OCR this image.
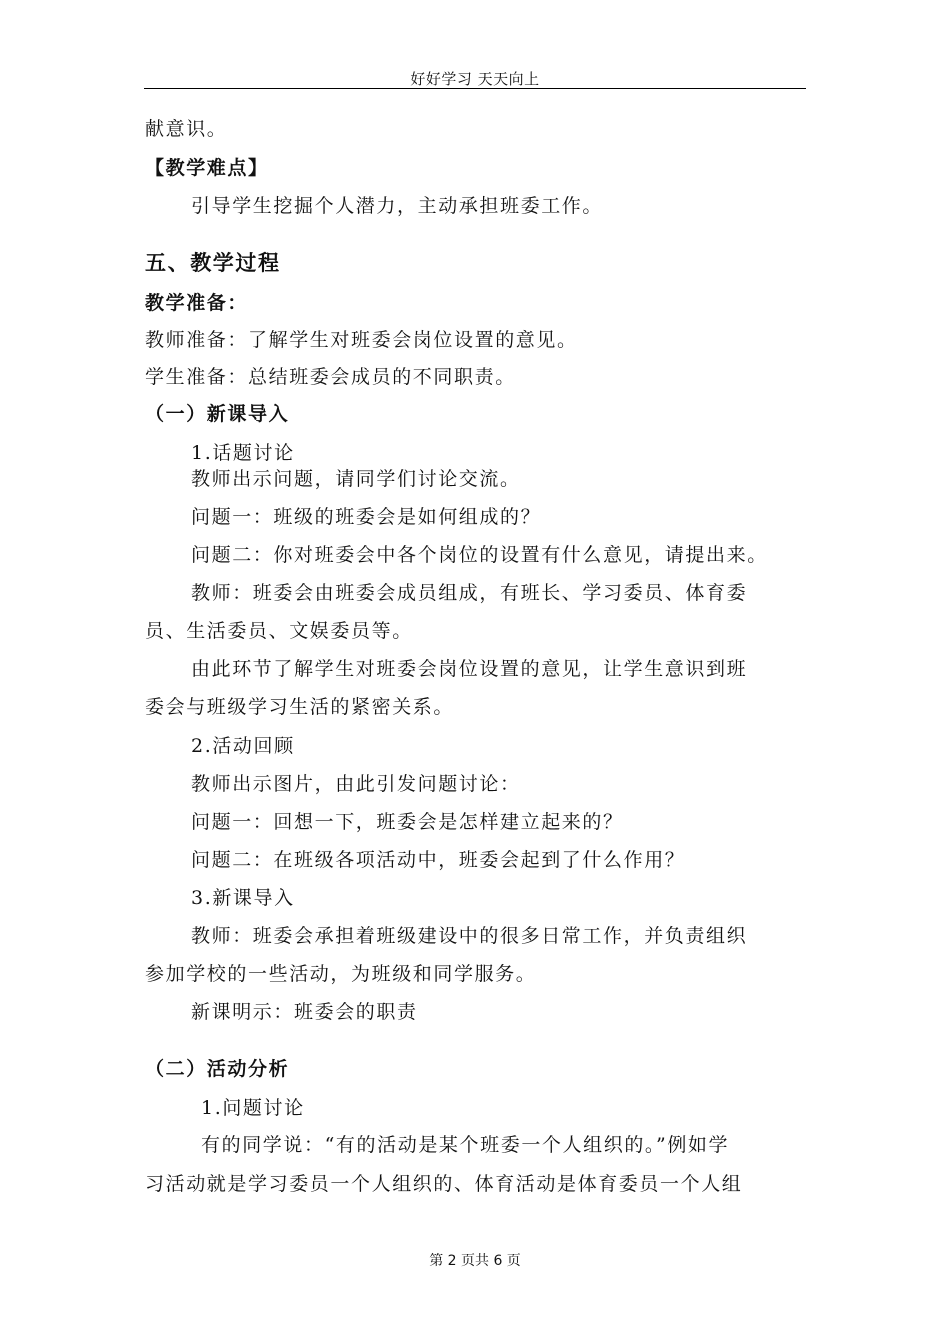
好好学习 天天向上
献意识。
【教学难点】
引导学生挖掘个人潜力，主动承担班委工作。
五、教学过程
教学准备：
教师准备：了解学生对班委会岗位设置的意见。
学生准备：总结班委会成员的不同职责。
（一）新课导入
1.话题讨论
教师出示问题，请同学们讨论交流。
问题一：班级的班委会是如何组成的？
问题二：你对班委会中各个岗位的设置有什么意见，请提出来。
教师：班委会由班委会成员组成，有班长、学习委员、体育委
员、生活委员、文娱委员等。
由此环节了解学生对班委会岗位设置的意见，让学生意识到班
委会与班级学习生活的紧密关系。
2.活动回顾
教师出示图片，由此引发问题讨论：
问题一：回想一下，班委会是怎样建立起来的？
问题二：在班级各项活动中，班委会起到了什么作用？
3.新课导入
教师：班委会承担着班级建设中的很多日常工作，并负责组织
参加学校的一些活动，为班级和同学服务。
新课明示：班委会的职责
（二）活动分析
1.问题讨论
有的同学说：“有的活动是某个班委一个人组织的。”例如学
习活动就是学习委员一个人组织的、体育活动是体育委员一个人组
第 2 页共 6 页
